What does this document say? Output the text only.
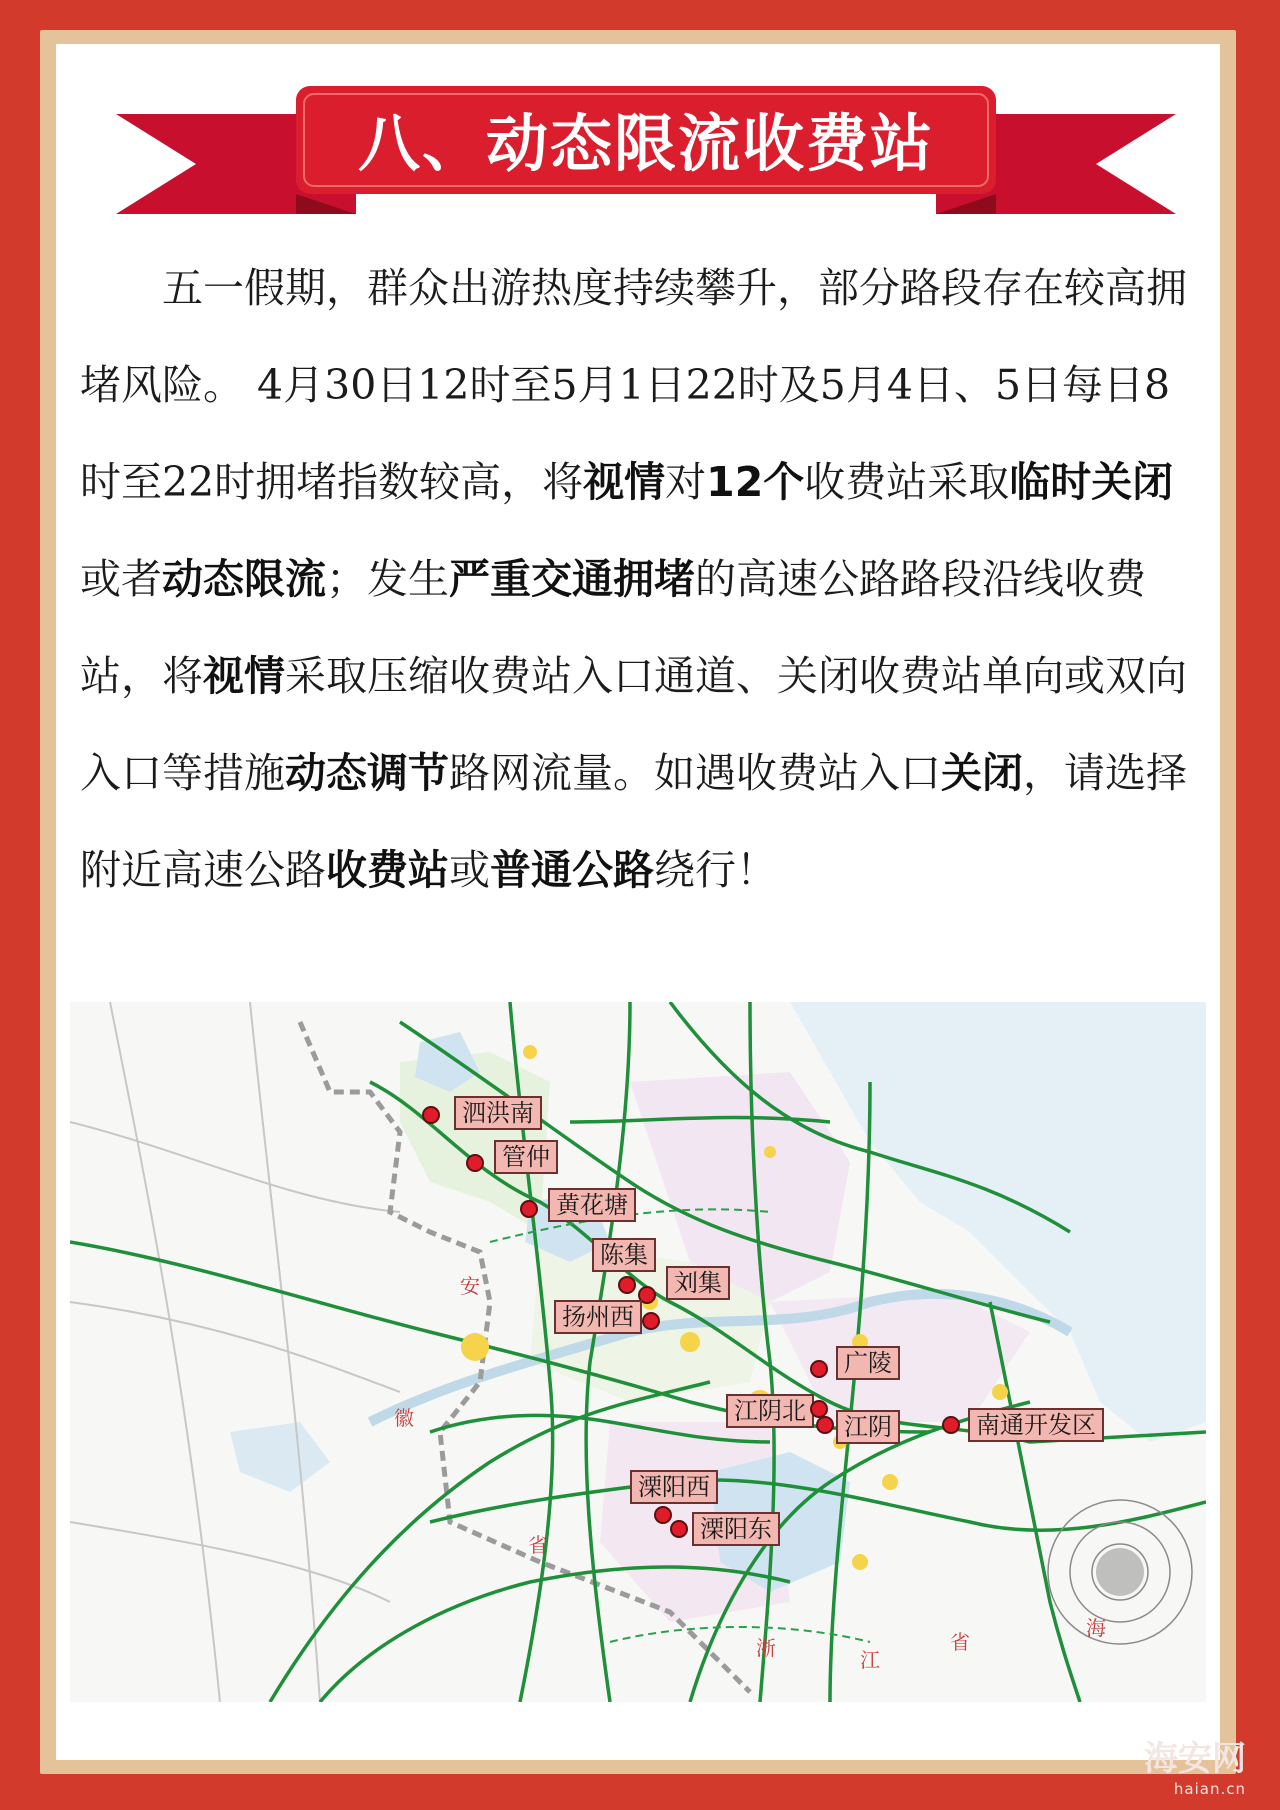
八、动态限流收费站

五一假期，群众出游热度持续攀升，部分路段存在较高拥堵风险。 4月30日12时至5月1日22时及5月4日、5日每日8时至22时拥堵指数较高，将视情对12个收费站采取临时关闭或者动态限流；发生严重交通拥堵的高速公路路段沿线收费站，将视情采取压缩收费站入口通道、关闭收费站单向或双向入口等措施动态调节路网流量。如遇收费站入口关闭，请选择附近高速公路收费站或普通公路绕行！

安
徽
省
浙	江
省
海
泗洪南
管仲
黄花塘
陈集
刘集
扬州西
广陵
江阴北
江阴	南通开发区
溧阳西
溧阳东
海安网
haian.cn
